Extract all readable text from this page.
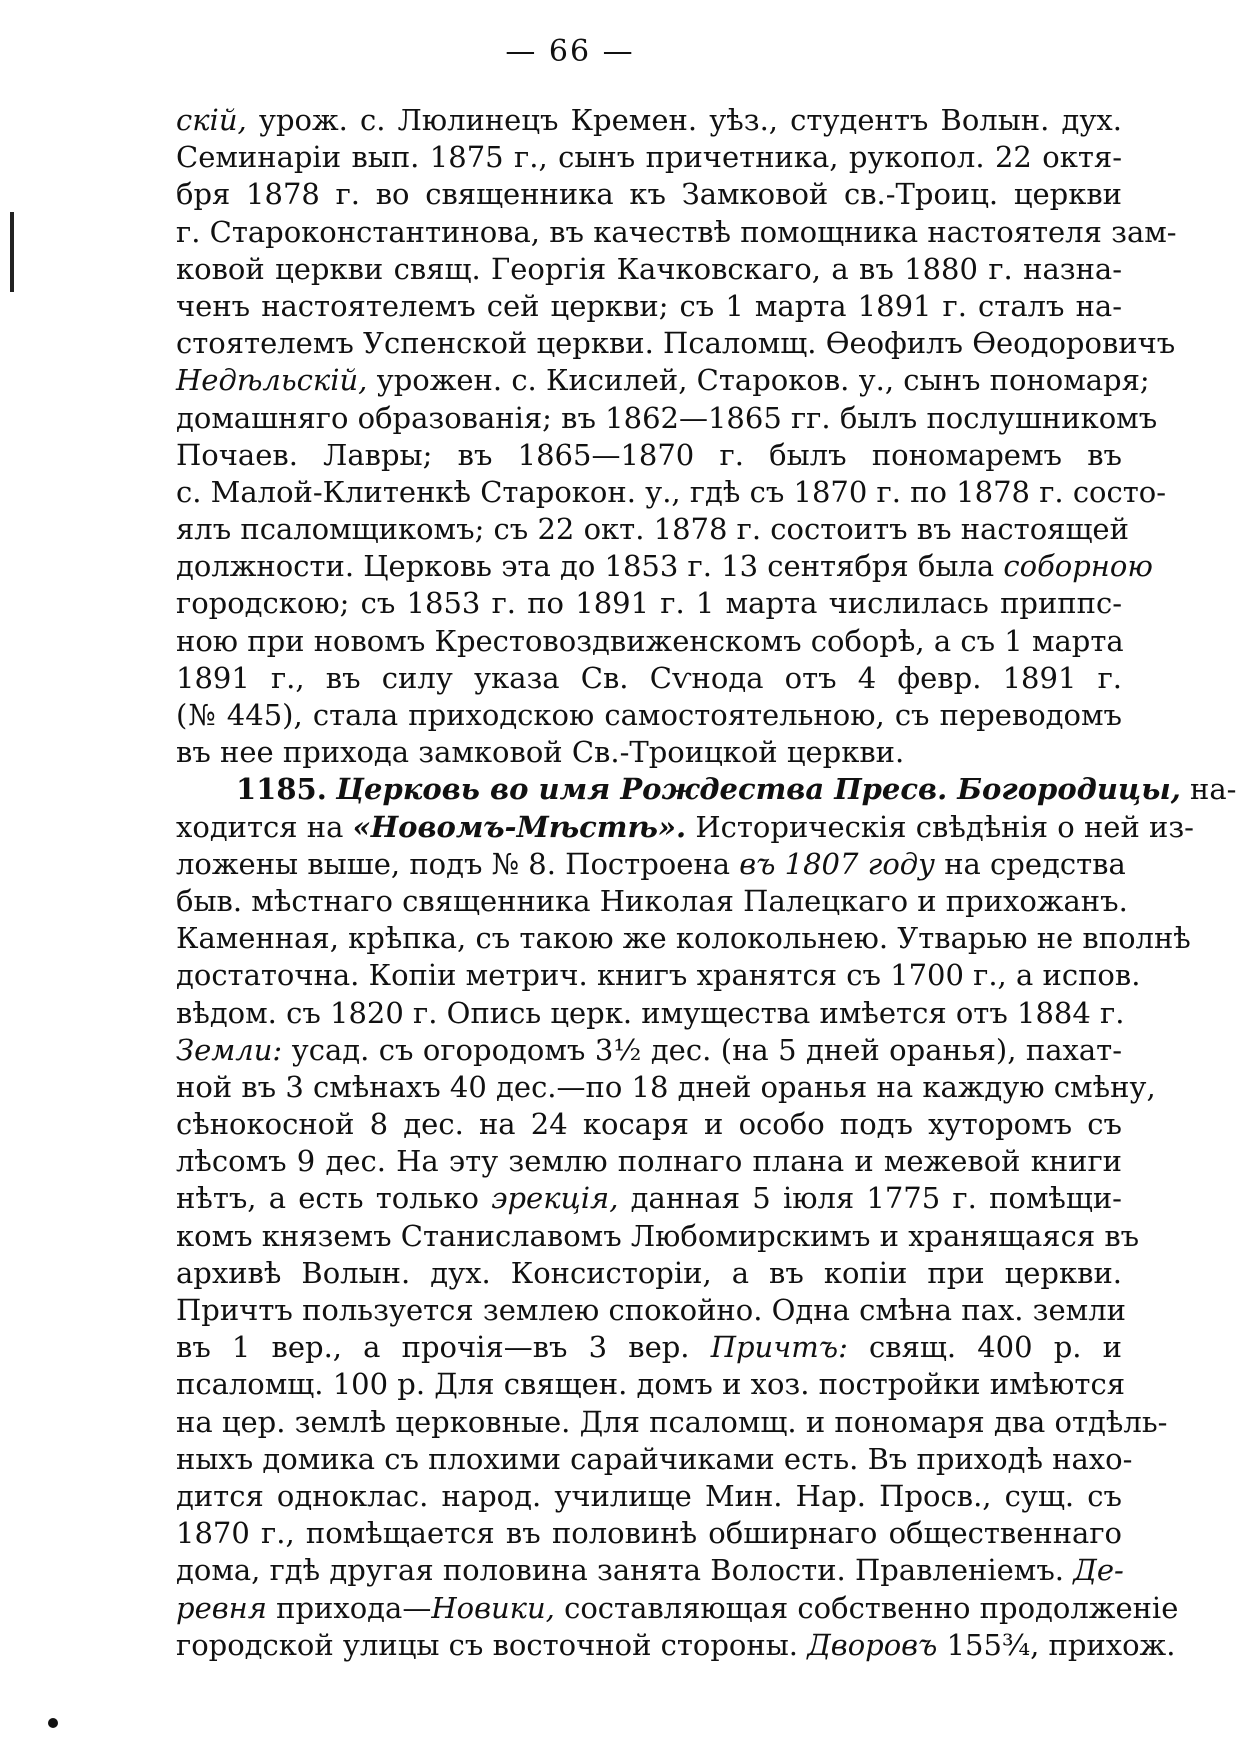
— 66 —
скій, урож. с. Люлинецъ Кремен. уѣз., студентъ Волын. дух.
Семинаріи вып. 1875 г., сынъ причетника, рукопол. 22 октя-
бря 1878 г. во священника къ Замковой св.-Троиц. церкви
г. Староконстантинова, въ качествѣ помощника настоятеля зам-
ковой церкви свящ. Георгія Качковскаго, а въ 1880 г. назна-
ченъ настоятелемъ сей церкви; съ 1 марта 1891 г. сталъ на-
стоятелемъ Успенской церкви. Псаломщ. Ѳеофилъ Ѳеодоровичъ
Недѣльскій, урожен. с. Кисилей, Староков. у., сынъ пономаря;
домашняго образованія; въ 1862—1865 гг. былъ послушникомъ
Почаев. Лавры; въ 1865—1870 г. былъ пономаремъ въ
с. Малой-Клитенкѣ Старокон. у., гдѣ съ 1870 г. по 1878 г. состо-
ялъ псаломщикомъ; съ 22 окт. 1878 г. состоитъ въ настоящей
должности. Церковь эта до 1853 г. 13 сентября была соборною
городскою; съ 1853 г. по 1891 г. 1 марта числилась приппс-
ною при новомъ Крестовоздвиженскомъ соборѣ, а съ 1 марта
1891 г., въ силу указа Св. Сѵнода отъ 4 февр. 1891 г.
(№ 445), стала приходскою самостоятельною, съ переводомъ
въ нее прихода замковой Св.-Троицкой церкви.
1185. Церковь во имя Рождества Пресв. Богородицы, на-
ходится на «Новомъ-Мѣстѣ». Историческія свѣдѣнія о ней из-
ложены выше, подъ № 8. Построена въ 1807 году на средства
быв. мѣстнаго священника Николая Палецкаго и прихожанъ.
Каменная, крѣпка, съ такою же колокольнею. Утварью не вполнѣ
достаточна. Копіи метрич. книгъ хранятся съ 1700 г., а испов.
вѣдом. съ 1820 г. Опись церк. имущества имѣется отъ 1884 г.
Земли: усад. съ огородомъ 3½ дес. (на 5 дней оранья), пахат-
ной въ 3 смѣнахъ 40 дес.—по 18 дней оранья на каждую смѣну,
сѣнокосной 8 дес. на 24 косаря и особо подъ хуторомъ съ
лѣсомъ 9 дес. На эту землю полнаго плана и межевой книги
нѣтъ, а есть только эрекція, данная 5 іюля 1775 г. помѣщи-
комъ княземъ Станиславомъ Любомирскимъ и хранящаяся въ
архивѣ Волын. дух. Консисторіи, а въ копіи при церкви.
Причтъ пользуется землею спокойно. Одна смѣна пах. земли
въ 1 вер., а прочія—въ 3 вер. Причтъ: свящ. 400 р. и
псаломщ. 100 р. Для священ. домъ и хоз. постройки имѣются
на цер. землѣ церковные. Для псаломщ. и пономаря два отдѣль-
ныхъ домика съ плохими сарайчиками есть. Въ приходѣ нахо-
дится одноклас. народ. училище Мин. Нар. Просв., сущ. съ
1870 г., помѣщается въ половинѣ обширнаго общественнаго
дома, гдѣ другая половина занята Волости. Правленіемъ. Де-
ревня прихода—Новики, составляющая собственно продолженіе
городской улицы съ восточной стороны. Дворовъ 155¾, прихож.
